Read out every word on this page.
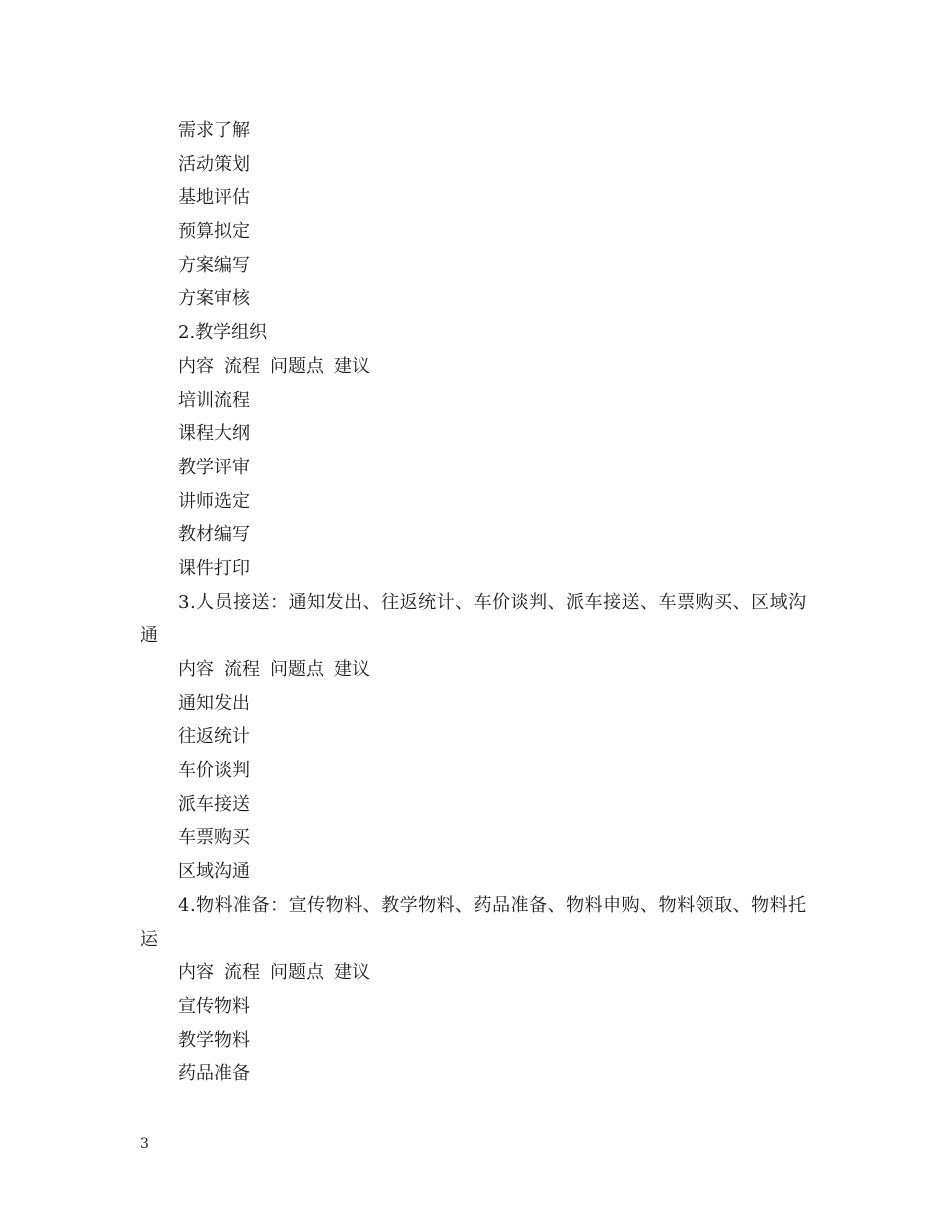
需求了解
活动策划
基地评估
预算拟定
方案编写
方案审核
2.教学组织
内容 流程 问题点 建议
培训流程
课程大纲
教学评审
讲师选定
教材编写
课件打印
3.人员接送：通知发出、往返统计、车价谈判、派车接送、车票购买、区域沟通
内容 流程 问题点 建议
通知发出
往返统计
车价谈判
派车接送
车票购买
区域沟通
4.物料准备：宣传物料、教学物料、药品准备、物料申购、物料领取、物料托运
内容 流程 问题点 建议
宣传物料
教学物料
药品准备
3
